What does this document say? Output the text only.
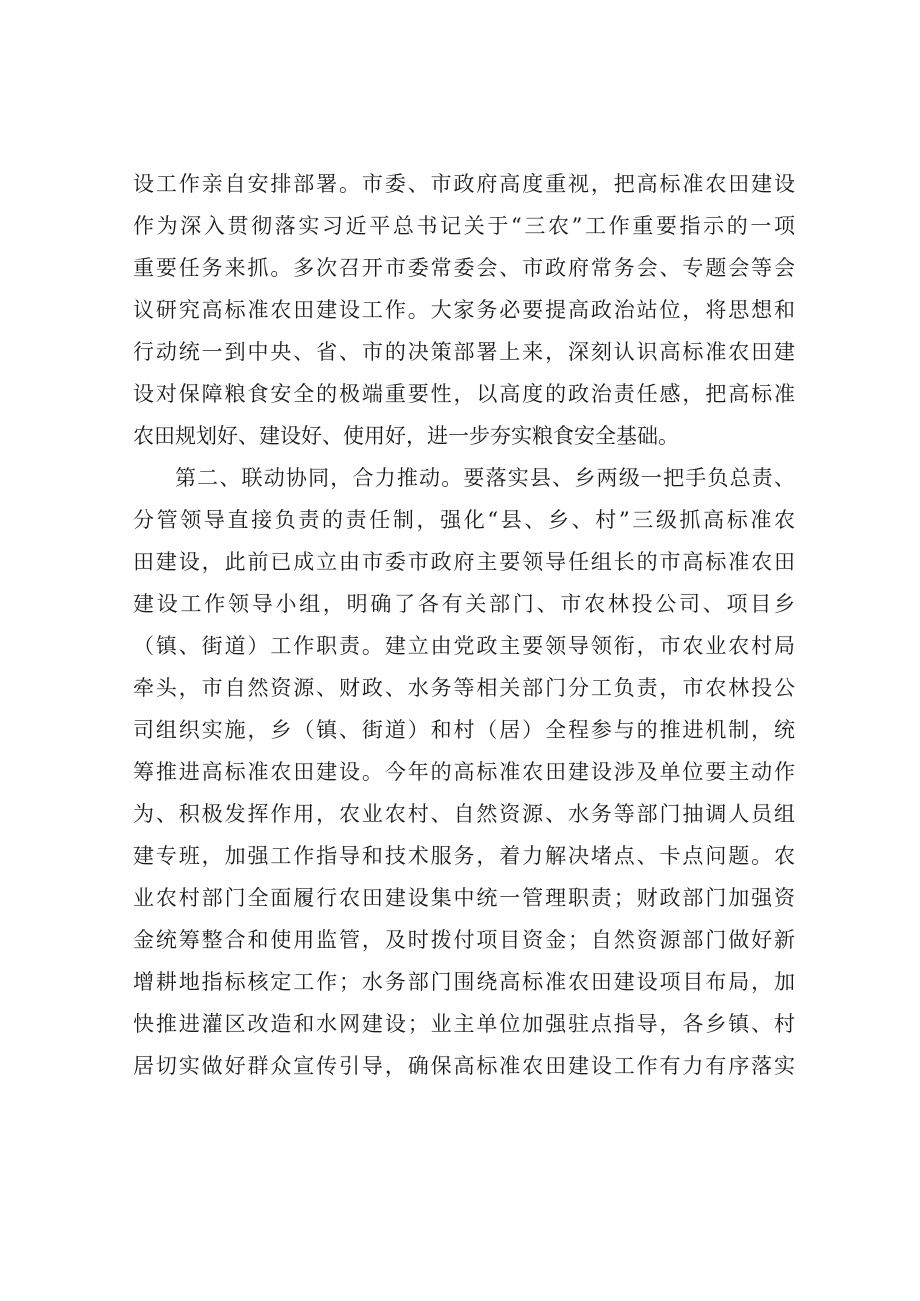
设工作亲自安排部署。市委、市政府高度重视，把高标准农田建设
作为深入贯彻落实习近平总书记关于“三农”工作重要指示的一项
重要任务来抓。多次召开市委常委会、市政府常务会、专题会等会
议研究高标准农田建设工作。大家务必要提高政治站位，将思想和
行动统一到中央、省、市的决策部署上来，深刻认识高标准农田建
设对保障粮食安全的极端重要性，以高度的政治责任感，把高标准
农田规划好、建设好、使用好，进一步夯实粮食安全基础。
第二、联动协同，合力推动。要落实县、乡两级一把手负总责、
分管领导直接负责的责任制，强化“县、乡、村”三级抓高标准农
田建设，此前已成立由市委市政府主要领导任组长的市高标准农田
建设工作领导小组，明确了各有关部门、市农林投公司、项目乡
（镇、街道）工作职责。建立由党政主要领导领衔，市农业农村局
牵头，市自然资源、财政、水务等相关部门分工负责，市农林投公
司组织实施，乡（镇、街道）和村（居）全程参与的推进机制，统
筹推进高标准农田建设。今年的高标准农田建设涉及单位要主动作
为、积极发挥作用，农业农村、自然资源、水务等部门抽调人员组
建专班，加强工作指导和技术服务，着力解决堵点、卡点问题。农
业农村部门全面履行农田建设集中统一管理职责；财政部门加强资
金统筹整合和使用监管，及时拨付项目资金；自然资源部门做好新
增耕地指标核定工作；水务部门围绕高标准农田建设项目布局，加
快推进灌区改造和水网建设；业主单位加强驻点指导，各乡镇、村
居切实做好群众宣传引导，确保高标准农田建设工作有力有序落实
